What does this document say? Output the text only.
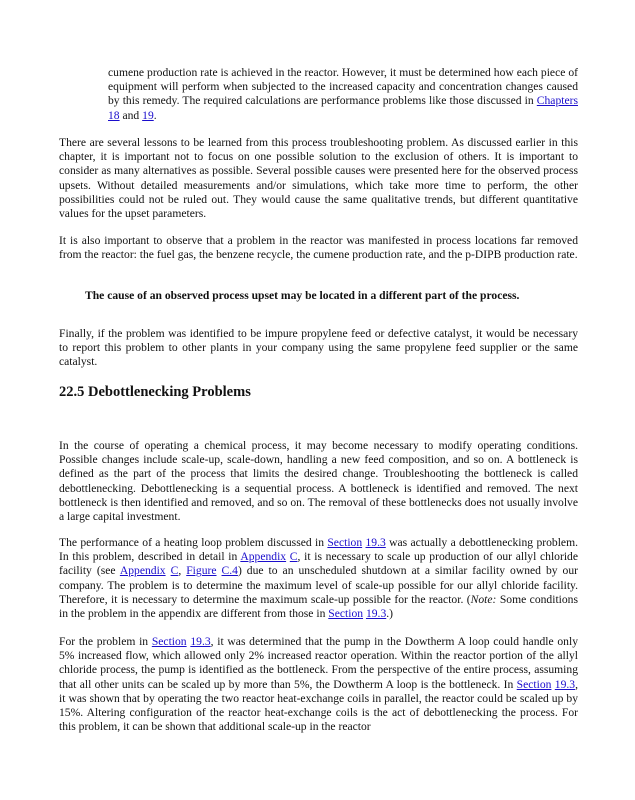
cumene production rate is achieved in the reactor. However, it must be determined how each piece of equipment will perform when subjected to the increased capacity and concentration changes caused by this remedy. The required calculations are performance problems like those discussed in Chapters 18 and 19.

There are several lessons to be learned from this process troubleshooting problem. As discussed earlier in this chapter, it is important not to focus on one possible solution to the exclusion of others. It is important to consider as many alternatives as possible. Several possible causes were presented here for the observed process upsets. Without detailed measurements and/or simulations, which take more time to perform, the other possibilities could not be ruled out. They would cause the same qualitative trends, but different quantitative values for the upset parameters.

It is also important to observe that a problem in the reactor was manifested in process locations far removed from the reactor: the fuel gas, the benzene recycle, the cumene production rate, and the p-DIPB production rate.

The cause of an observed process upset may be located in a different part of the process.

Finally, if the problem was identified to be impure propylene feed or defective catalyst, it would be necessary to report this problem to other plants in your company using the same propylene feed supplier or the same catalyst.

22.5 Debottlenecking Problems

In the course of operating a chemical process, it may become necessary to modify operating conditions. Possible changes include scale-up, scale-down, handling a new feed composition, and so on. A bottleneck is defined as the part of the process that limits the desired change. Troubleshooting the bottleneck is called debottlenecking. Debottlenecking is a sequential process. A bottleneck is identified and removed. The next bottleneck is then identified and removed, and so on. The removal of these bottlenecks does not usually involve a large capital investment.

The performance of a heating loop problem discussed in Section 19.3 was actually a debottlenecking problem. In this problem, described in detail in Appendix C, it is necessary to scale up production of our allyl chloride facility (see Appendix C, Figure C.4) due to an unscheduled shutdown at a similar facility owned by our company. The problem is to determine the maximum level of scale-up possible for our allyl chloride facility. Therefore, it is necessary to determine the maximum scale-up possible for the reactor. (Note: Some conditions in the problem in the appendix are different from those in Section 19.3.)

For the problem in Section 19.3, it was determined that the pump in the Dowtherm A loop could handle only 5% increased flow, which allowed only 2% increased reactor operation. Within the reactor portion of the allyl chloride process, the pump is identified as the bottleneck. From the perspective of the entire process, assuming that all other units can be scaled up by more than 5%, the Dowtherm A loop is the bottleneck. In Section 19.3, it was shown that by operating the two reactor heat-exchange coils in parallel, the reactor could be scaled up by 15%. Altering configuration of the reactor heat-exchange coils is the act of debottlenecking the process. For this problem, it can be shown that additional scale-up in the reactor
